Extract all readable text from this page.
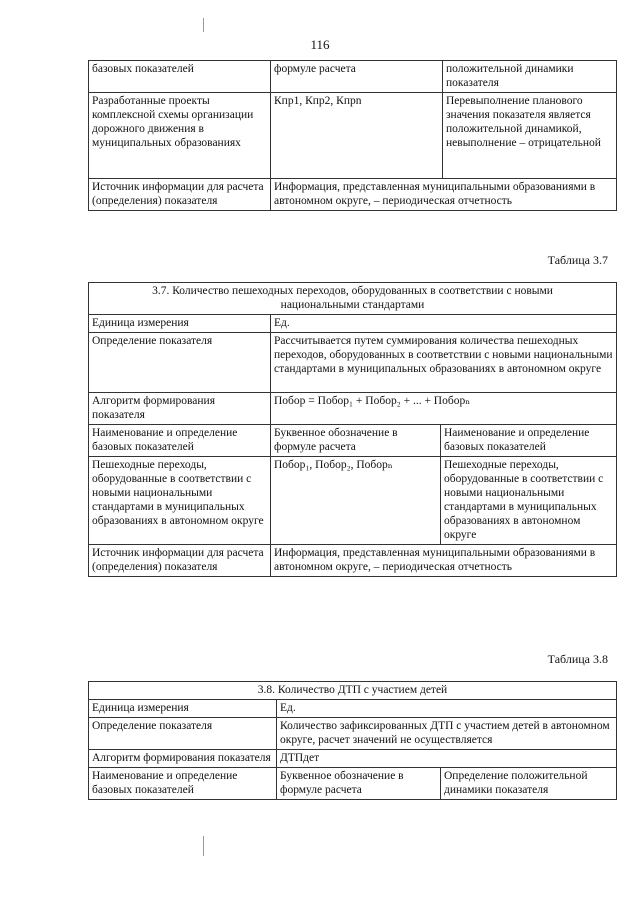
116
базовых показателей	формуле расчета	положительной динамики показателя
Разработанные проекты комплексной схемы организации дорожного движения в муниципальных образованиях	Кпр1, Кпр2, Кпрn	Перевыполнение планового значения показателя является положительной динамикой, невыполнение – отрицательной
Источник информации для расчета (определения) показателя	Информация, представленная муниципальными образованиями в автономном округе, – периодическая отчетность	
Таблица 3.7
3.7. Количество пешеходных переходов, оборудованных в соответствии с новыми национальными стандартами		
Единица измерения	Ед.	
Определение показателя	Рассчитывается путем суммирования количества пешеходных переходов, оборудованных в соответствии с новыми национальными стандартами в муниципальных образованиях в автономном округе	
Алгоритм формирования показателя	Побор = Побор₁ + Побор₂ + ... + Поборₙ	
Наименование и определение базовых показателей	Буквенное обозначение в формуле расчета	Наименование и определение базовых показателей
Пешеходные переходы, оборудованные в соответствии с новыми национальными стандартами в муниципальных образованиях в автономном округе	Побор₁, Побор₂, Поборₙ	Пешеходные переходы, оборудованные в соответствии с новыми национальными стандартами в муниципальных образованиях в автономном округе
Источник информации для расчета (определения) показателя	Информация, представленная муниципальными образованиями в автономном округе, – периодическая отчетность	
Таблица 3.8
3.8. Количество ДТП с участием детей		
Единица измерения	Ед.	
Определение показателя	Количество зафиксированных ДТП с участием детей в автономном округе, расчет значений не осуществляется	
Алгоритм формирования показателя	ДТПдет	
Наименование и определение базовых показателей	Буквенное обозначение в формуле расчета	Определение положительной динамики показателя
